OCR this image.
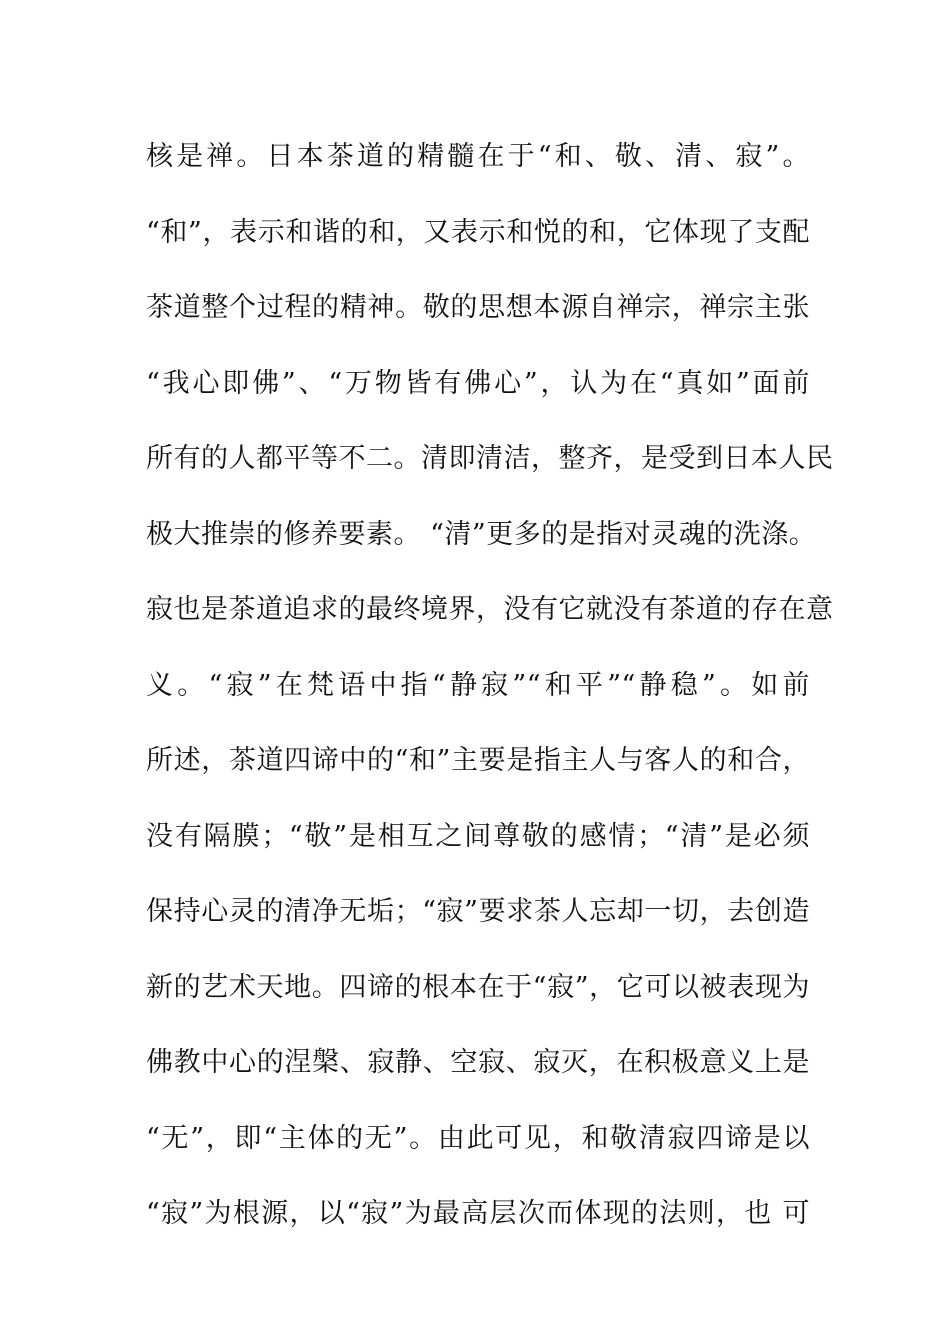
核是禅。日本茶道的精髓在于“和、敬、清、寂”。
“和”，表示和谐的和，又表示和悦的和，它体现了支配
茶道整个过程的精神。敬的思想本源自禅宗，禅宗主张
“我心即佛”、“万物皆有佛心”，认为在“真如”面前
所有的人都平等不二。清即清洁，整齐，是受到日本人民
极大推崇的修养要素。 “清”更多的是指对灵魂的洗涤。
寂也是茶道追求的最终境界，没有它就没有茶道的存在意
义。“寂”在梵语中指“静寂”“和平”“静稳”。如前
所述，茶道四谛中的“和”主要是指主人与客人的和合，
没有隔膜；“敬”是相互之间尊敬的感情；“清”是必须
保持心灵的清净无垢；“寂”要求茶人忘却一切，去创造
新的艺术天地。四谛的根本在于“寂”，它可以被表现为
佛教中心的涅槃、寂静、空寂、寂灭，在积极意义上是
“无”，即“主体的无”。由此可见，和敬清寂四谛是以
“寂”为根源，以“寂”为最高层次而体现的法则，也 可
